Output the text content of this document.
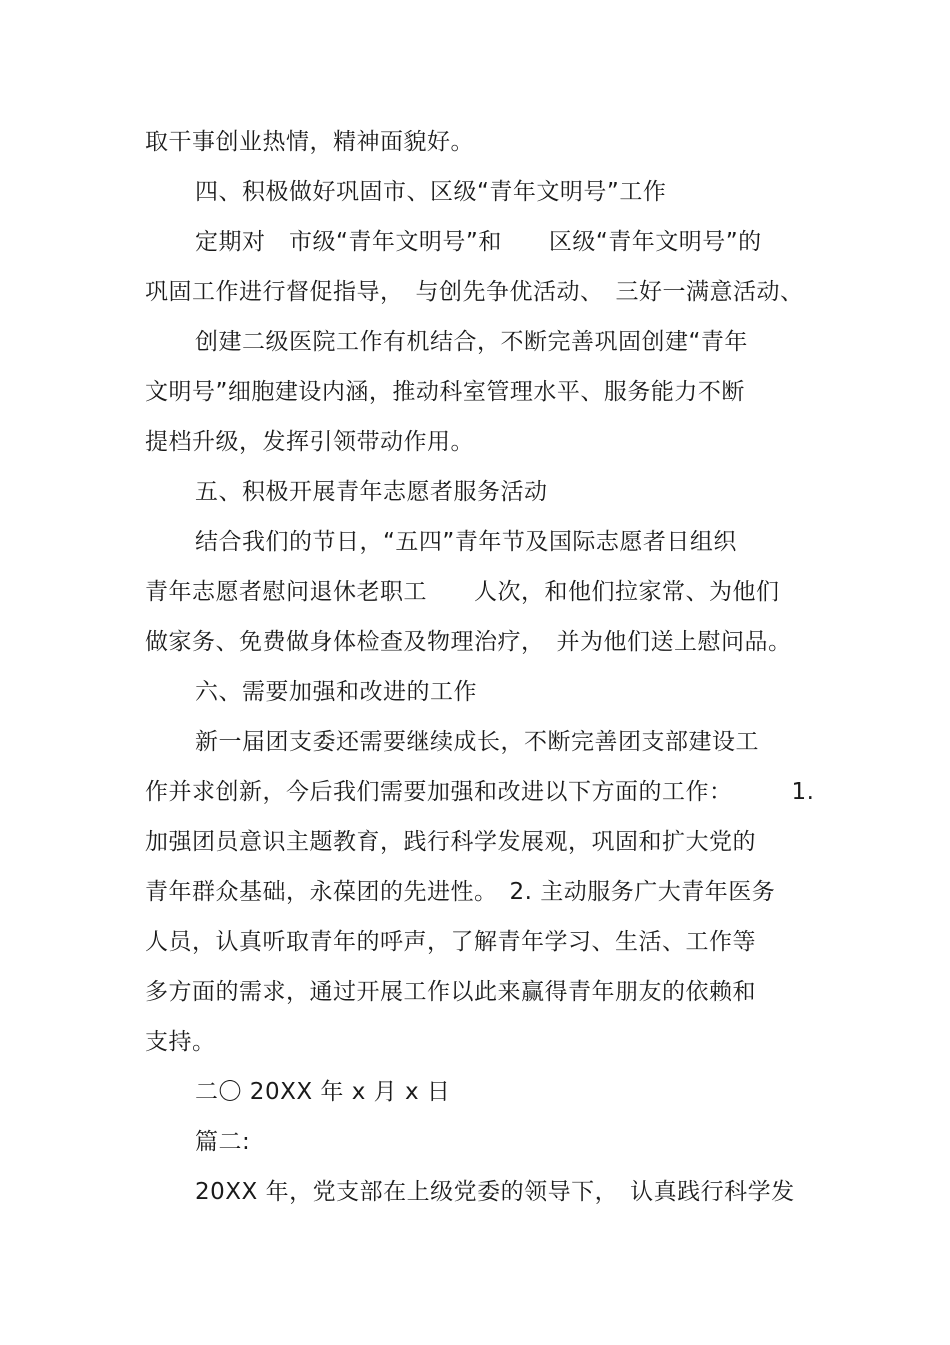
取干事创业热情，精神面貌好。
四、积极做好巩固市、区级“青年文明号”工作
定期对　市级“青年文明号”和　　区级“青年文明号”的
巩固工作进行督促指导，　与创先争优活动、　三好一满意活动、
创建二级医院工作有机结合，不断完善巩固创建“青年
文明号”细胞建设内涵，推动科室管理水平、服务能力不断
提档升级，发挥引领带动作用。
五、积极开展青年志愿者服务活动
结合我们的节日，“五四”青年节及国际志愿者日组织
青年志愿者慰问退休老职工　　人次，和他们拉家常、为他们
做家务、免费做身体检查及物理治疗，　并为他们送上慰问品。
六、需要加强和改进的工作
新一届团支委还需要继续成长，不断完善团支部建设工
作并求创新，今后我们需要加强和改进以下方面的工作：　　　1.
加强团员意识主题教育，践行科学发展观，巩固和扩大党的
青年群众基础，永葆团的先进性。　2. 主动服务广大青年医务
人员，认真听取青年的呼声，了解青年学习、生活、工作等
多方面的需求，通过开展工作以此来赢得青年朋友的依赖和
支持。
二〇 20XX 年 x 月 x 日
篇二:
20XX 年，党支部在上级党委的领导下，　认真践行科学发
